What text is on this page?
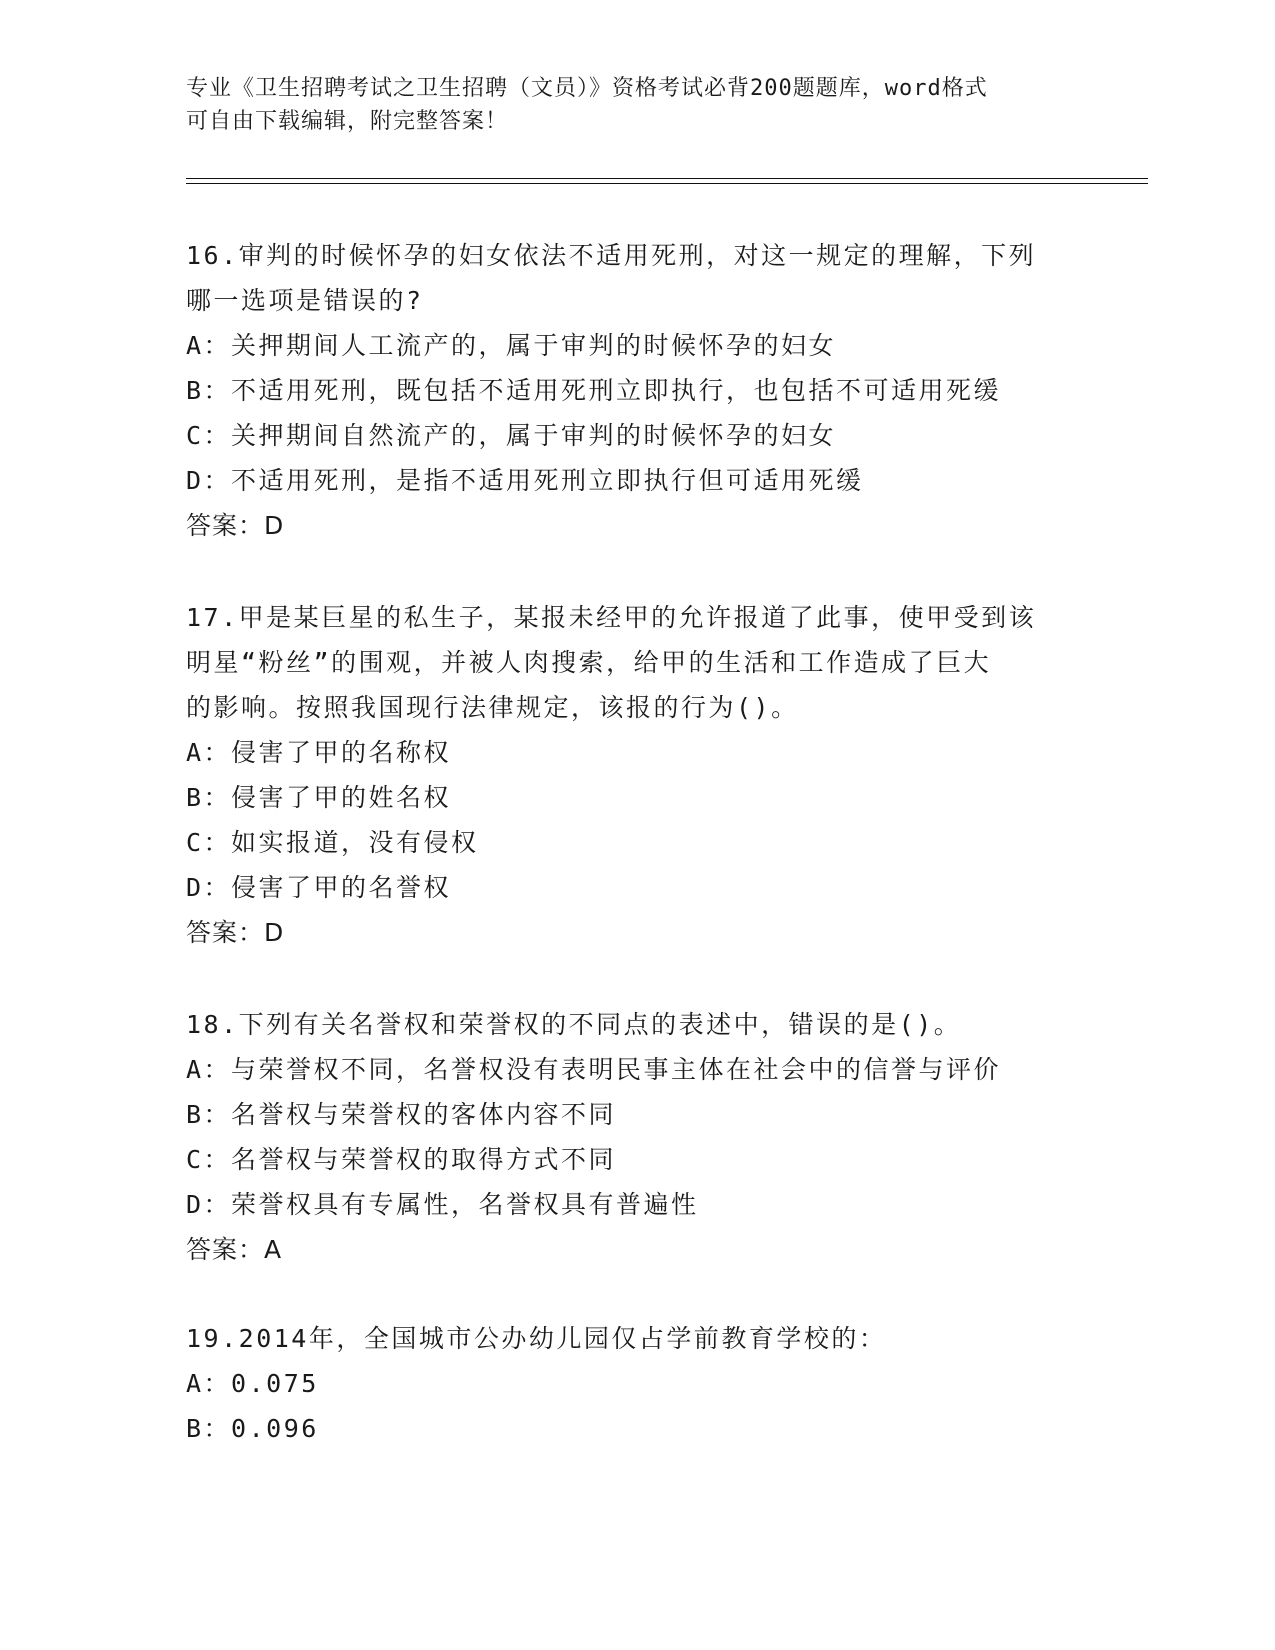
专业《卫生招聘考试之卫生招聘（文员）》资格考试必背200题题库，word格式
可自由下载编辑，附完整答案！

16.审判的时候怀孕的妇女依法不适用死刑，对这一规定的理解，下列

哪一选项是错误的?

A：关押期间人工流产的，属于审判的时候怀孕的妇女

B：不适用死刑，既包括不适用死刑立即执行，也包括不可适用死缓

C：关押期间自然流产的，属于审判的时候怀孕的妇女

D：不适用死刑，是指不适用死刑立即执行但可适用死缓

答案：D

17.甲是某巨星的私生子，某报未经甲的允许报道了此事，使甲受到该

明星“粉丝”的围观，并被人肉搜索，给甲的生活和工作造成了巨大

的影响。按照我国现行法律规定，该报的行为()。

A：侵害了甲的名称权

B：侵害了甲的姓名权

C：如实报道，没有侵权

D：侵害了甲的名誉权

答案：D

18.下列有关名誉权和荣誉权的不同点的表述中，错误的是()。

A：与荣誉权不同，名誉权没有表明民事主体在社会中的信誉与评价

B：名誉权与荣誉权的客体内容不同

C：名誉权与荣誉权的取得方式不同

D：荣誉权具有专属性，名誉权具有普遍性

答案：A

19.2014年，全国城市公办幼儿园仅占学前教育学校的：

A：0.075

B：0.096
